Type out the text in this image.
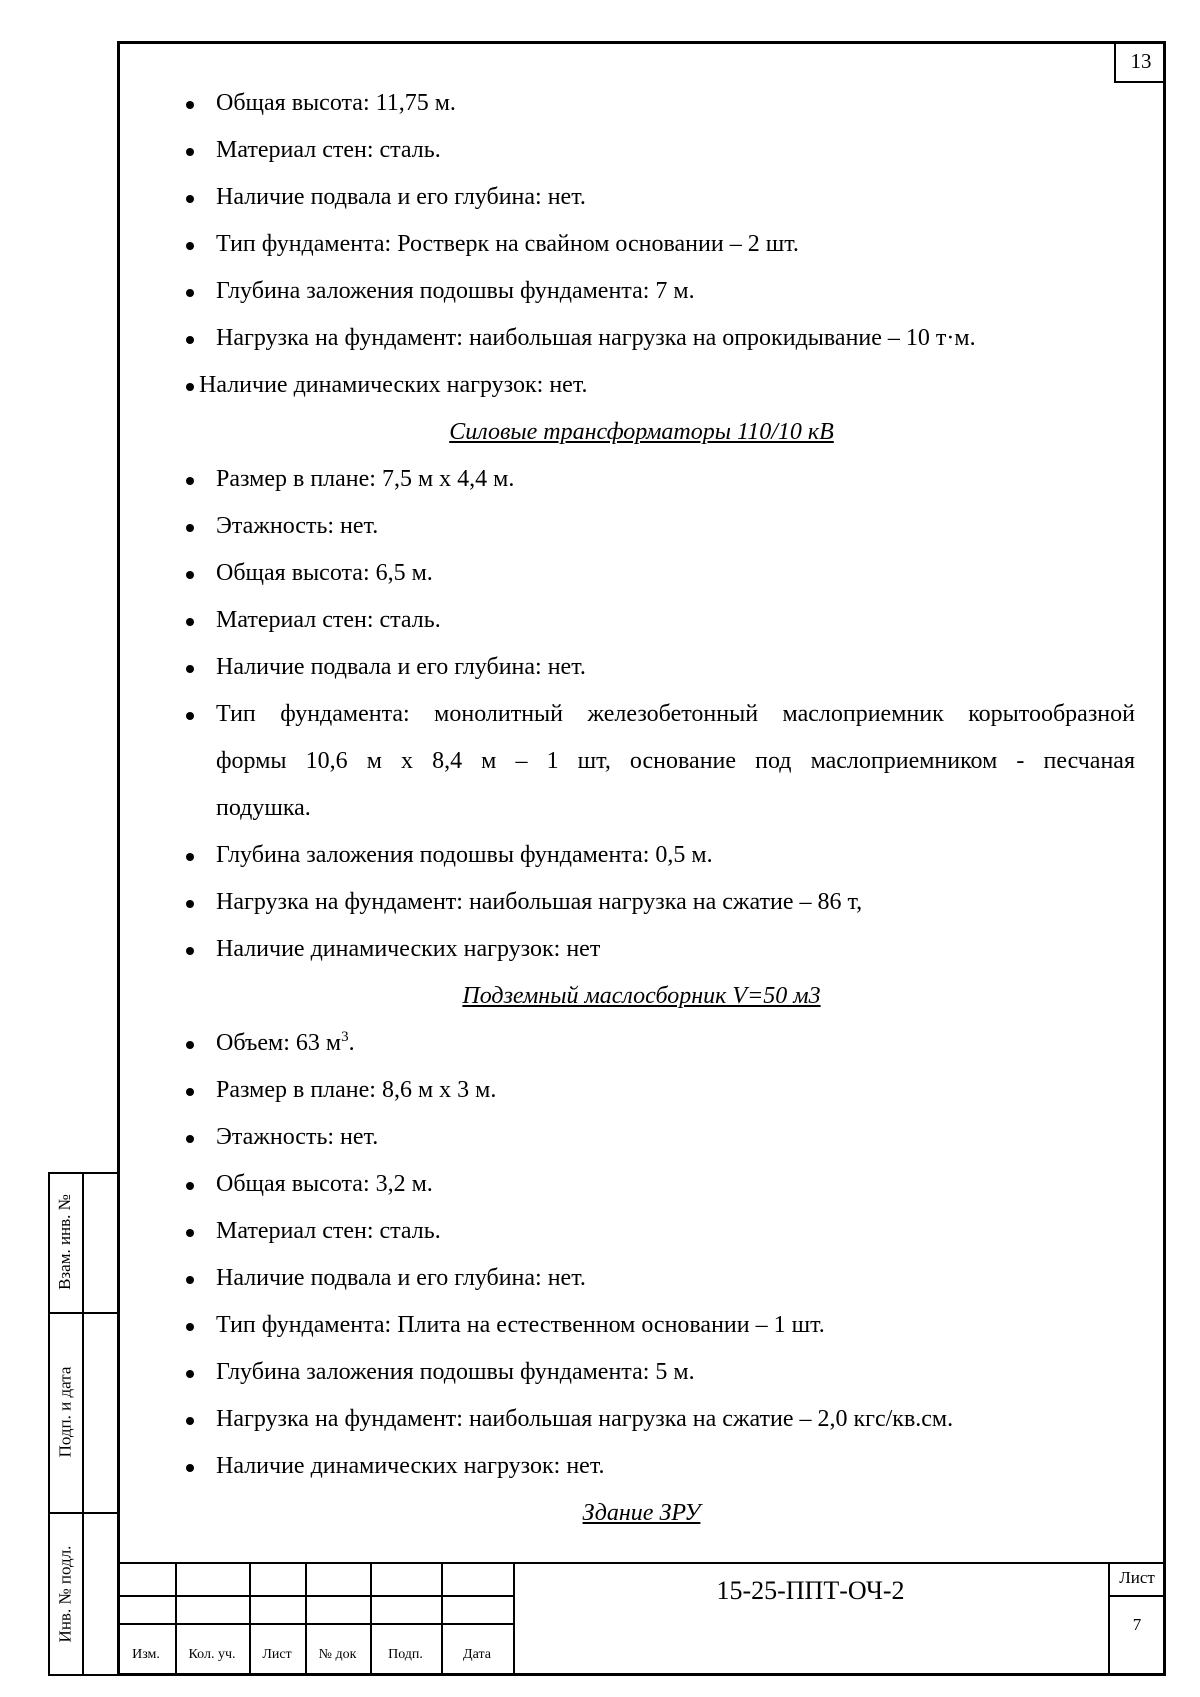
13
Общая высота: 11,75 м.
Материал стен: сталь.
Наличие подвала и его глубина: нет.
Тип фундамента: Ростверк на свайном основании – 2 шт.
Глубина заложения подошвы фундамента: 7 м.
Нагрузка на фундамент: наибольшая нагрузка на опрокидывание – 10 т·м.
Наличие динамических нагрузок: нет.
Силовые трансформаторы 110/10 кВ
Размер в плане: 7,5 м х 4,4 м.
Этажность: нет.
Общая высота: 6,5 м.
Материал стен: сталь.
Наличие подвала и его глубина: нет.
Тип фундамента: монолитный железобетонный маслоприемник корытообразной
формы 10,6 м х 8,4 м – 1 шт, основание под маслоприемником - песчаная
подушка.
Глубина заложения подошвы фундамента: 0,5 м.
Нагрузка на фундамент: наибольшая нагрузка на сжатие – 86 т,
Наличие динамических нагрузок: нет
Подземный маслосборник V=50 м3
Объем: 63 $м^3$.
Размер в плане: 8,6 м х 3 м.
Этажность: нет.
Общая высота: 3,2 м.
Материал стен: сталь.
Наличие подвала и его глубина: нет.
Тип фундамента: Плита на естественном основании – 1 шт.
Глубина заложения подошвы фундамента: 5 м.
Нагрузка на фундамент: наибольшая нагрузка на сжатие – 2,0 кгс/кв.см.
Наличие динамических нагрузок: нет.
Здание ЗРУ
Взам. инв. №
Подп. и дата
Инв. № подл.
Изм.	Кол. уч.	Лист	№ док	Подп.	Дата
15-25-ППТ-ОЧ-2	Лист
7
